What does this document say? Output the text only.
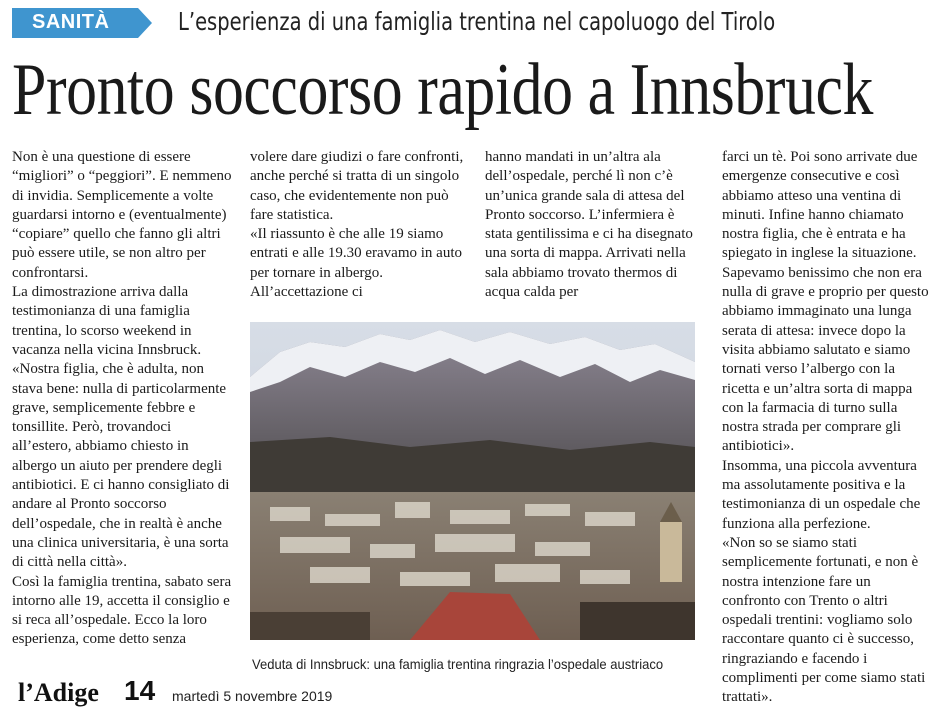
SANITÀ	L’esperienza di una famiglia trentina nel capoluogo del Tirolo
Pronto soccorso rapido a Innsbruck

Non è una questione di essere “migliori” o “peggiori”. E nemmeno di invidia. Semplicemente a volte guardarsi intorno e (eventualmente) “copiare” quello che fanno gli altri può essere utile, se non altro per confrontarsi.

La dimostrazione arriva dalla testimonianza di una famiglia trentina, lo scorso weekend in vacanza nella vicina Innsbruck.

«Nostra figlia, che è adulta, non stava bene: nulla di particolarmente grave, semplicemente febbre e tonsillite. Però, trovandoci all’estero, abbiamo chiesto in albergo un aiuto per prendere degli antibiotici. E ci hanno consigliato di andare al Pronto soccorso dell’ospedale, che in realtà è anche una clinica universitaria, è una sorta di città nella città».

Così la famiglia trentina, sabato sera intorno alle 19, accetta il consiglio e si reca all’ospedale. Ecco la loro esperienza, come detto senza

volere dare giudizi o fare confronti, anche perché si tratta di un singolo caso, che evidentemente non può fare statistica.

«Il riassunto è che alle 19 siamo entrati e alle 19.30 eravamo in auto per tornare in albergo. All’accettazione ci

hanno mandati in un’altra ala dell’ospedale, perché lì non c’è un’unica grande sala di attesa del Pronto soccorso. L’infermiera è stata gentilissima e ci ha disegnato una sorta di mappa. Arrivati nella sala abbiamo trovato thermos di acqua calda per

farci un tè. Poi sono arrivate due emergenze consecutive e così abbiamo atteso una ventina di minuti. Infine hanno chiamato nostra figlia, che è entrata e ha spiegato in inglese la situazione.

Sapevamo benissimo che non era nulla di grave e proprio per questo abbiamo immaginato una lunga serata di attesa: invece dopo la visita abbiamo salutato e siamo tornati verso l’albergo con la ricetta e un’altra sorta di mappa con la farmacia di turno sulla nostra strada per comprare gli antibiotici».

Insomma, una piccola avventura ma assolutamente positiva e la testimonianza di un ospedale che funziona alla perfezione.

«Non so se siamo stati semplicemente fortunati, e non è nostra intenzione fare un confronto con Trento o altri ospedali trentini: vogliamo solo raccontare quanto ci è successo, ringraziando e facendo i complimenti per come siamo stati trattati».

Veduta di Innsbruck: una famiglia trentina ringrazia l’ospedale austriaco
l’Adige 14 martedì 5 novembre 2019
